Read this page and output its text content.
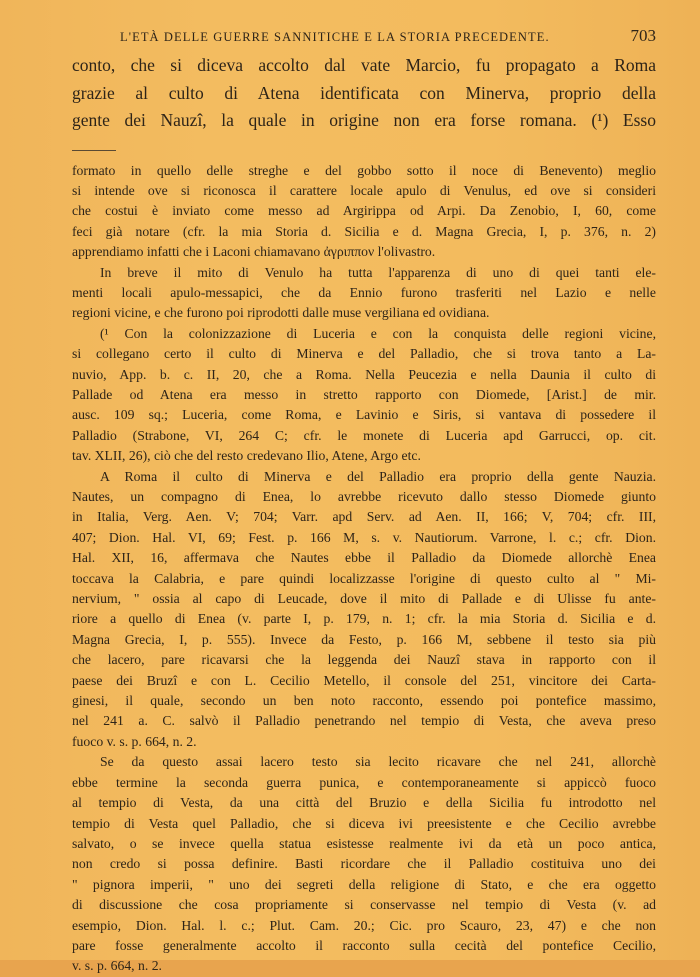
L'ETÀ DELLE GUERRE SANNITICHE E LA STORIA PRECEDENTE.	703
conto, che si diceva accolto dal vate Marcio, fu propagato a Roma
grazie al culto di Atena identificata con Minerva, proprio della
gente dei Nauzî, la quale in origine non era forse romana. (¹) Esso
formato in quello delle streghe e del gobbo sotto il noce di Benevento) meglio
si intende ove si riconosca il carattere locale apulo di Venulus, ed ove si consideri
che costui è inviato come messo ad Argirippa od Arpi. Da Zenobio, I, 60, come
feci già notare (cfr. la mia Storia d. Sicilia e d. Magna Grecia, I, p. 376, n. 2)
apprendiamo infatti che i Laconi chiamavano ἀγριππον l'olivastro.
In breve il mito di Venulo ha tutta l'apparenza di uno di quei tanti ele-
menti locali apulo-messapici, che da Ennio furono trasferiti nel Lazio e nelle
regioni vicine, e che furono poi riprodotti dalle muse vergiliana ed ovidiana.
(¹ Con la colonizzazione di Luceria e con la conquista delle regioni vicine,
si collegano certo il culto di Minerva e del Palladio, che si trova tanto a La-
nuvio, App. b. c. II, 20, che a Roma. Nella Peucezia e nella Daunia il culto di
Pallade od Atena era messo in stretto rapporto con Diomede, [Arist.] de mir.
ausc. 109 sq.; Luceria, come Roma, e Lavinio e Siris, si vantava di possedere il
Palladio (Strabone, VI, 264 C; cfr. le monete di Luceria apd Garrucci, op. cit.
tav. XLII, 26), ciò che del resto credevano Ilio, Atene, Argo etc.
A Roma il culto di Minerva e del Palladio era proprio della gente Nauzia.
Nautes, un compagno di Enea, lo avrebbe ricevuto dallo stesso Diomede giunto
in Italia, Verg. Aen. V; 704; Varr. apd Serv. ad Aen. II, 166; V, 704; cfr. III,
407; Dion. Hal. VI, 69; Fest. p. 166 M, s. v. Nautiorum. Varrone, l. c.; cfr. Dion.
Hal. XII, 16, affermava che Nautes ebbe il Palladio da Diomede allorchè Enea
toccava la Calabria, e pare quindi localizzasse l'origine di questo culto al " Mi-
nervium, " ossia al capo di Leucade, dove il mito di Pallade e di Ulisse fu ante-
riore a quello di Enea (v. parte I, p. 179, n. 1; cfr. la mia Storia d. Sicilia e d.
Magna Grecia, I, p. 555). Invece da Festo, p. 166 M, sebbene il testo sia più
che lacero, pare ricavarsi che la leggenda dei Nauzî stava in rapporto con il
paese dei Bruzî e con L. Cecilio Metello, il console del 251, vincitore dei Carta-
ginesi, il quale, secondo un ben noto racconto, essendo poi pontefice massimo,
nel 241 a. C. salvò il Palladio penetrando nel tempio di Vesta, che aveva preso
fuoco v. s. p. 664, n. 2.
Se da questo assai lacero testo sia lecito ricavare che nel 241, allorchè
ebbe termine la seconda guerra punica, e contemporaneamente si appiccò fuoco
al tempio di Vesta, da una città del Bruzio e della Sicilia fu introdotto nel
tempio di Vesta quel Palladio, che si diceva ivi preesistente e che Cecilio avrebbe
salvato, o se invece quella statua esistesse realmente ivi da età un poco antica,
non credo si possa definire. Basti ricordare che il Palladio costituiva uno dei
" pignora imperii, " uno dei segreti della religione di Stato, e che era oggetto
di discussione che cosa propriamente si conservasse nel tempio di Vesta (v. ad
esempio, Dion. Hal. l. c.; Plut. Cam. 20.; Cic. pro Scauro, 23, 47) e che non
pare fosse generalmente accolto il racconto sulla cecità del pontefice Cecilio,
v. s. p. 664, n. 2.
